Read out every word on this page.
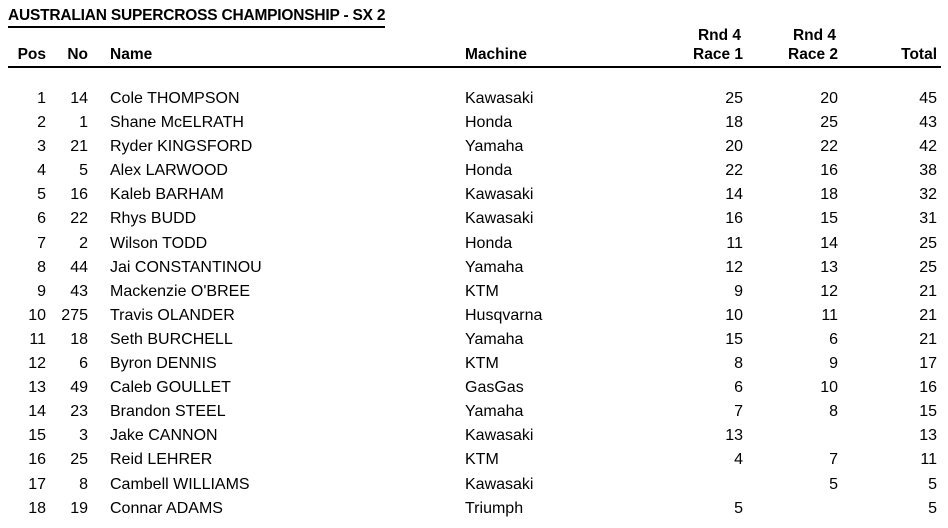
AUSTRALIAN SUPERCROSS CHAMPIONSHIP - SX 2
				Rnd 4	Rnd 4	
Pos	No	Name	Machine	Race 1	Race 2	Total

1	14	Cole THOMPSON	Kawasaki	25	20	45
2	1	Shane McELRATH	Honda	18	25	43
3	21	Ryder KINGSFORD	Yamaha	20	22	42
4	5	Alex LARWOOD	Honda	22	16	38
5	16	Kaleb BARHAM	Kawasaki	14	18	32
6	22	Rhys BUDD	Kawasaki	16	15	31
7	2	Wilson TODD	Honda	11	14	25
8	44	Jai CONSTANTINOU	Yamaha	12	13	25
9	43	Mackenzie O'BREE	KTM	9	12	21
10	275	Travis OLANDER	Husqvarna	10	11	21
11	18	Seth BURCHELL	Yamaha	15	6	21
12	6	Byron DENNIS	KTM	8	9	17
13	49	Caleb GOULLET	GasGas	6	10	16
14	23	Brandon STEEL	Yamaha	7	8	15
15	3	Jake CANNON	Kawasaki	13		13
16	25	Reid LEHRER	KTM	4	7	11
17	8	Cambell WILLIAMS	Kawasaki		5	5
18	19	Connar ADAMS	Triumph	5		5
